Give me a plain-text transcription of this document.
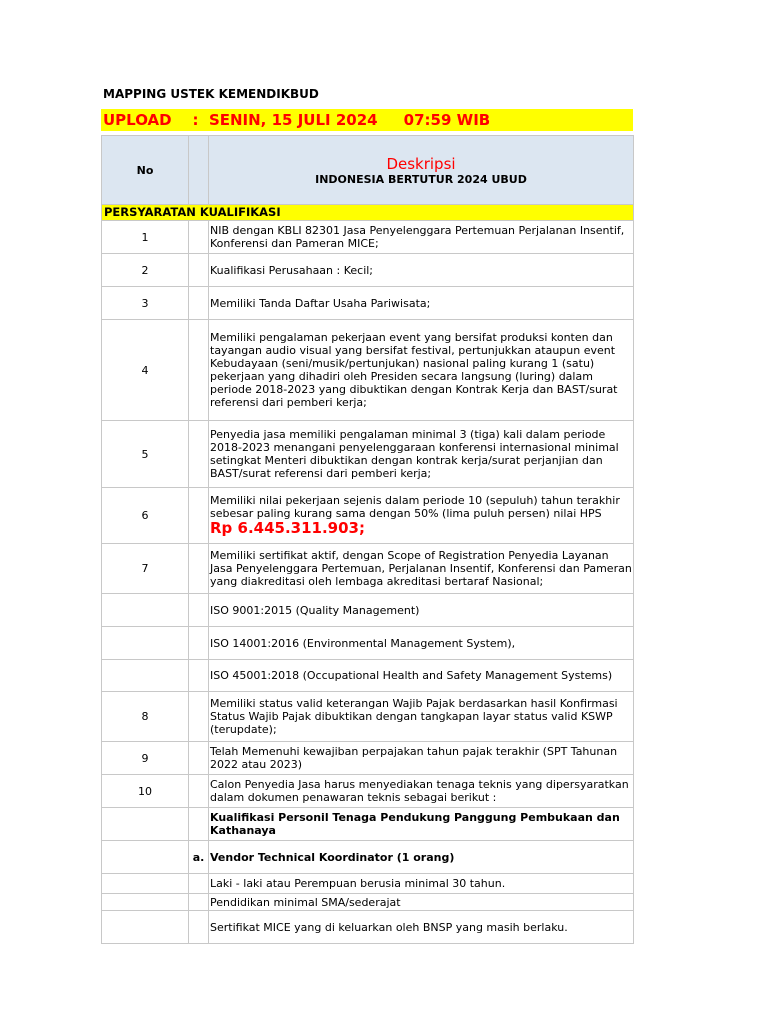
MAPPING USTEK KEMENDIKBUD
UPLOAD    :  SENIN, 15 JULI 2024     07:59 WIB
No		Deskripsi
INDONESIA BERTUTUR 2024 UBUD

PERSYARATAN KUALIFIKASI		
1		NIB dengan KBLI 82301 Jasa Penyelenggara Pertemuan Perjalanan Insentif, Konferensi dan Pameran MICE;
2		Kualifikasi Perusahaan : Kecil;
3		Memiliki Tanda Daftar Usaha Pariwisata;
4		Memiliki pengalaman pekerjaan event yang bersifat produksi konten dan tayangan audio visual yang bersifat festival, pertunjukkan ataupun event Kebudayaan (seni/musik/pertunjukan) nasional paling kurang 1 (satu) pekerjaan yang dihadiri oleh Presiden secara langsung (luring) dalam periode 2018-2023 yang dibuktikan dengan Kontrak Kerja dan BAST/surat referensi dari pemberi kerja;
5		Penyedia jasa memiliki pengalaman minimal 3 (tiga) kali dalam periode 2018-2023 menangani penyelenggaraan konferensi internasional minimal setingkat Menteri dibuktikan dengan kontrak kerja/surat perjanjian dan BAST/surat referensi dari pemberi kerja;
6		Memiliki nilai pekerjaan sejenis dalam periode 10 (sepuluh) tahun terakhir sebesar paling kurang sama dengan 50% (lima puluh persen) nilai HPS
Rp 6.445.311.903;

7		Memiliki sertifikat aktif, dengan Scope of Registration Penyedia Layanan Jasa Penyelenggara Pertemuan, Perjalanan Insentif, Konferensi dan Pameran yang diakreditasi oleh lembaga akreditasi bertaraf Nasional;
		ISO 9001:2015 (Quality Management)
		ISO 14001:2016 (Environmental Management System),
		ISO 45001:2018 (Occupational Health and Safety Management Systems)
8		Memiliki status valid keterangan Wajib Pajak berdasarkan hasil Konfirmasi Status Wajib Pajak dibuktikan dengan tangkapan layar status valid KSWP (terupdate);
9		Telah Memenuhi kewajiban perpajakan tahun pajak terakhir (SPT Tahunan 2022 atau 2023)
10		Calon Penyedia Jasa harus menyediakan tenaga teknis yang dipersyaratkan dalam dokumen penawaran teknis sebagai berikut :
		Kualifikasi Personil Tenaga Pendukung Panggung Pembukaan dan Kathanaya
	a.	Vendor Technical Koordinator (1 orang)
		Laki - laki atau Perempuan berusia minimal 30 tahun.
		Pendidikan minimal SMA/sederajat
		Sertifikat MICE yang di keluarkan oleh BNSP yang masih berlaku.
